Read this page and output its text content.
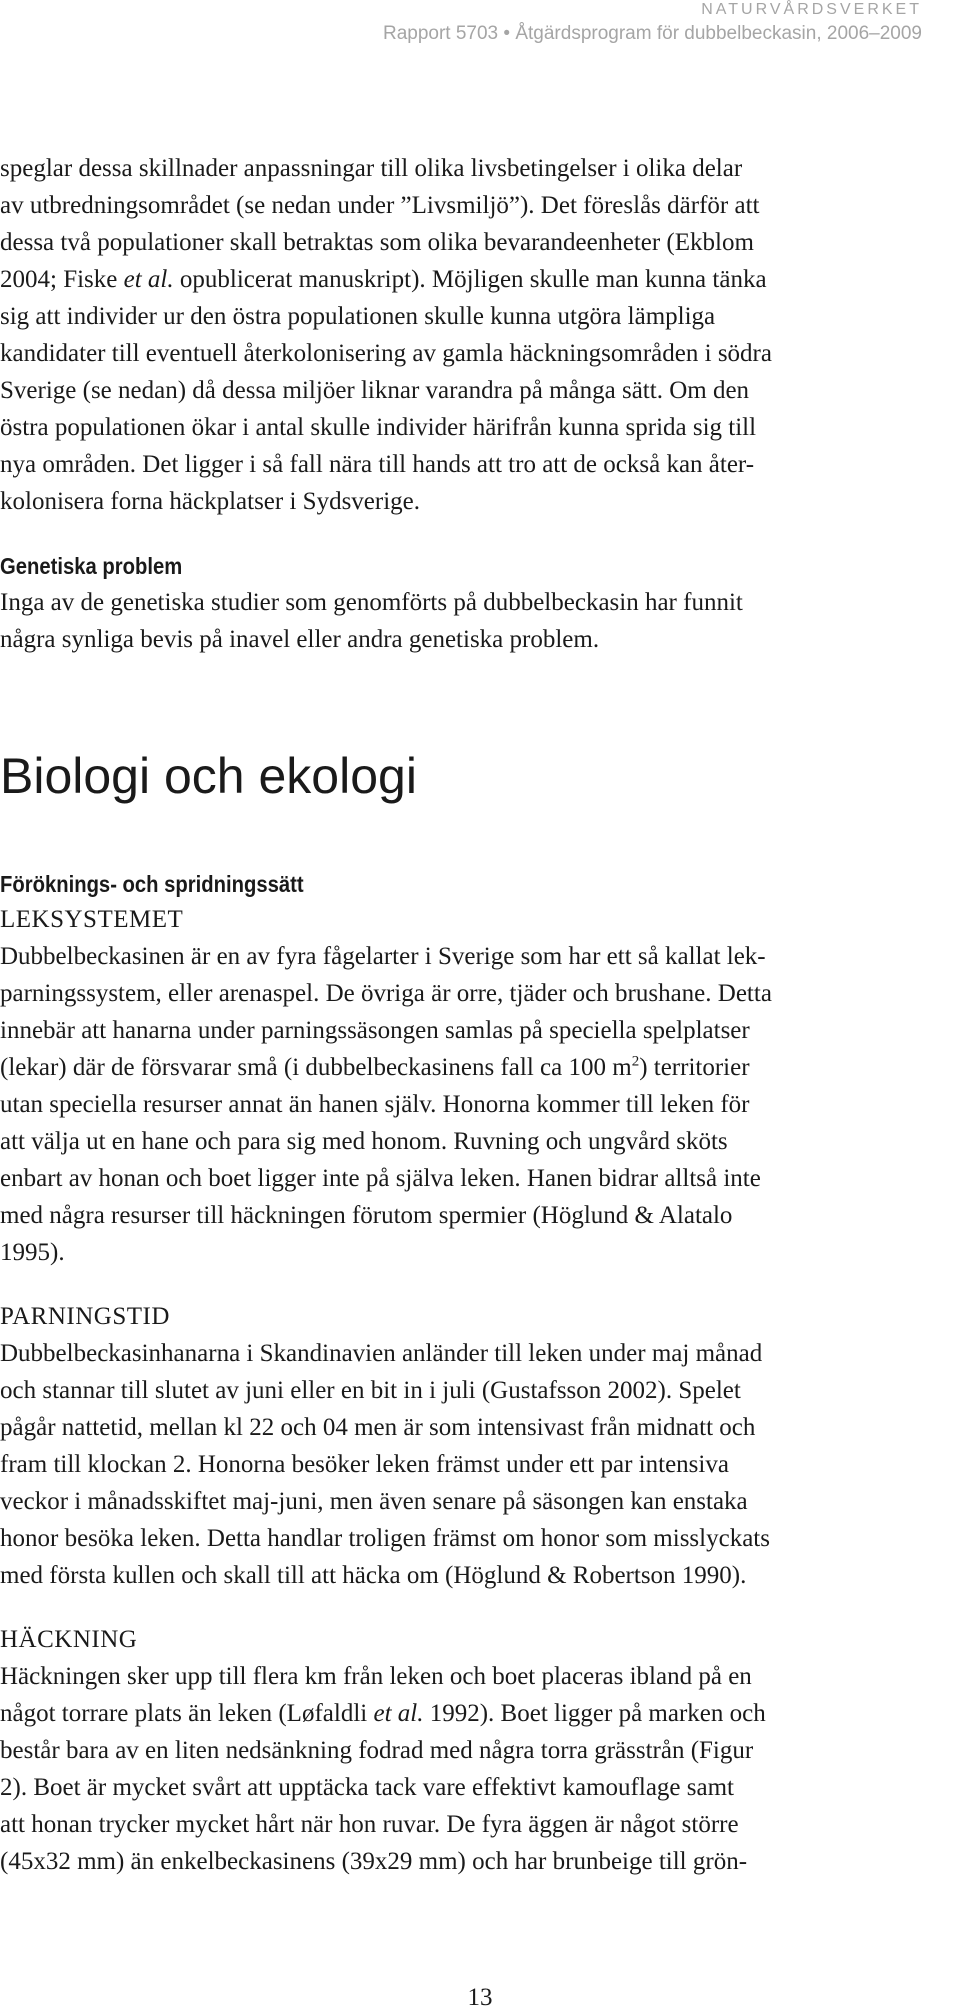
NATURVÅRDSVERKET
Rapport 5703 • Åtgärdsprogram för dubbelbeckasin, 2006–2009

speglar dessa skillnader anpassningar till olika livsbetingelser i olika delar
av utbredningsområdet (se nedan under ”Livsmiljö”). Det föreslås därför att
dessa två populationer skall betraktas som olika bevarandeenheter (Ekblom
2004; Fiske et al. opublicerat manuskript). Möjligen skulle man kunna tänka
sig att individer ur den östra populationen skulle kunna utgöra lämpliga
kandidater till eventuell återkolonisering av gamla häckningsområden i södra
Sverige (se nedan) då dessa miljöer liknar varandra på många sätt. Om den
östra populationen ökar i antal skulle individer härifrån kunna sprida sig till
nya områden. Det ligger i så fall nära till hands att tro att de också kan åter-
kolonisera forna häckplatser i Sydsverige.

Genetiska problem

Inga av de genetiska studier som genomförts på dubbelbeckasin har funnit
några synliga bevis på inavel eller andra genetiska problem.

Biologi och ekologi
Föröknings- och spridningssätt
LEKSYSTEMET

Dubbelbeckasinen är en av fyra fågelarter i Sverige som har ett så kallat lek-
parningssystem, eller arenaspel. De övriga är orre, tjäder och brushane. Detta
innebär att hanarna under parningssäsongen samlas på speciella spelplatser
(lekar) där de försvarar små (i dubbelbeckasinens fall ca 100 $m^2$) territorier
utan speciella resurser annat än hanen själv. Honorna kommer till leken för
att välja ut en hane och para sig med honom. Ruvning och ungvård sköts
enbart av honan och boet ligger inte på själva leken. Hanen bidrar alltså inte
med några resurser till häckningen förutom spermier (Höglund & Alatalo
1995).

PARNINGSTID

Dubbelbeckasinhanarna i Skandinavien anländer till leken under maj månad
och stannar till slutet av juni eller en bit in i juli (Gustafsson 2002). Spelet
pågår nattetid, mellan kl 22 och 04 men är som intensivast från midnatt och
fram till klockan 2. Honorna besöker leken främst under ett par intensiva
veckor i månadsskiftet maj-juni, men även senare på säsongen kan enstaka
honor besöka leken. Detta handlar troligen främst om honor som misslyckats
med första kullen och skall till att häcka om (Höglund & Robertson 1990).

HÄCKNING

Häckningen sker upp till flera km från leken och boet placeras ibland på en
något torrare plats än leken (Løfaldli et al. 1992). Boet ligger på marken och
består bara av en liten nedsänkning fodrad med några torra grässtrån (Figur
2). Boet är mycket svårt att upptäcka tack vare effektivt kamouflage samt
att honan trycker mycket hårt när hon ruvar. De fyra äggen är något större
(45x32 mm) än enkelbeckasinens (39x29 mm) och har brunbeige till grön-

13
